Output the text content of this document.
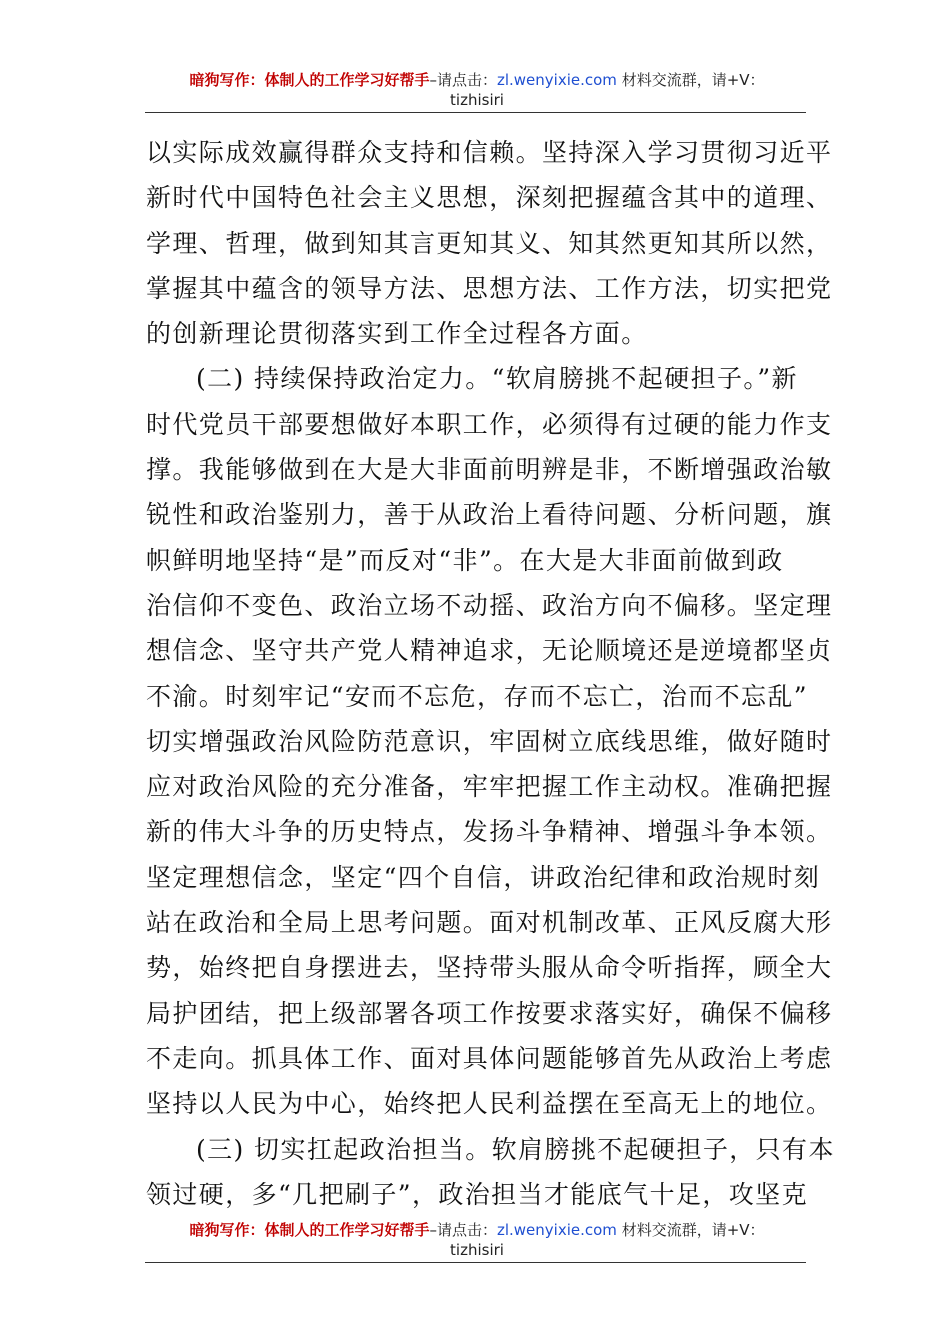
暗狗写作：体制人的工作学习好帮手–请点击：zl.wenyixie.com 材料交流群，请+V：
tizhisiri
以实际成效赢得群众支持和信赖。坚持深入学习贯彻习近平
新时代中国特色社会主义思想，深刻把握蕴含其中的道理、
学理、哲理，做到知其言更知其义、知其然更知其所以然，
掌握其中蕴含的领导方法、思想方法、工作方法，切实把党
的创新理论贯彻落实到工作全过程各方面。
(二) 持续保持政治定力。“软肩膀挑不起硬担子。”新
时代党员干部要想做好本职工作，必须得有过硬的能力作支
撑。我能够做到在大是大非面前明辨是非，不断增强政治敏
锐性和政治鉴别力，善于从政治上看待问题、分析问题，旗
帜鲜明地坚持“是”而反对“非”。在大是大非面前做到政
治信仰不变色、政治立场不动摇、政治方向不偏移。坚定理
想信念、坚守共产党人精神追求，无论顺境还是逆境都坚贞
不渝。时刻牢记“安而不忘危，存而不忘亡，治而不忘乱”
切实增强政治风险防范意识，牢固树立底线思维，做好随时
应对政治风险的充分准备，牢牢把握工作主动权。准确把握
新的伟大斗争的历史特点，发扬斗争精神、增强斗争本领。
坚定理想信念，坚定“四个自信，讲政治纪律和政治规时刻
站在政治和全局上思考问题。面对机制改革、正风反腐大形
势，始终把自身摆进去，坚持带头服从命令听指挥，顾全大
局护团结，把上级部署各项工作按要求落实好，确保不偏移
不走向。抓具体工作、面对具体问题能够首先从政治上考虑
坚持以人民为中心，始终把人民利益摆在至高无上的地位。
(三) 切实扛起政治担当。软肩膀挑不起硬担子，只有本
领过硬，多“几把刷子”，政治担当才能底气十足，攻坚克
暗狗写作：体制人的工作学习好帮手–请点击：zl.wenyixie.com 材料交流群，请+V：
tizhisiri
